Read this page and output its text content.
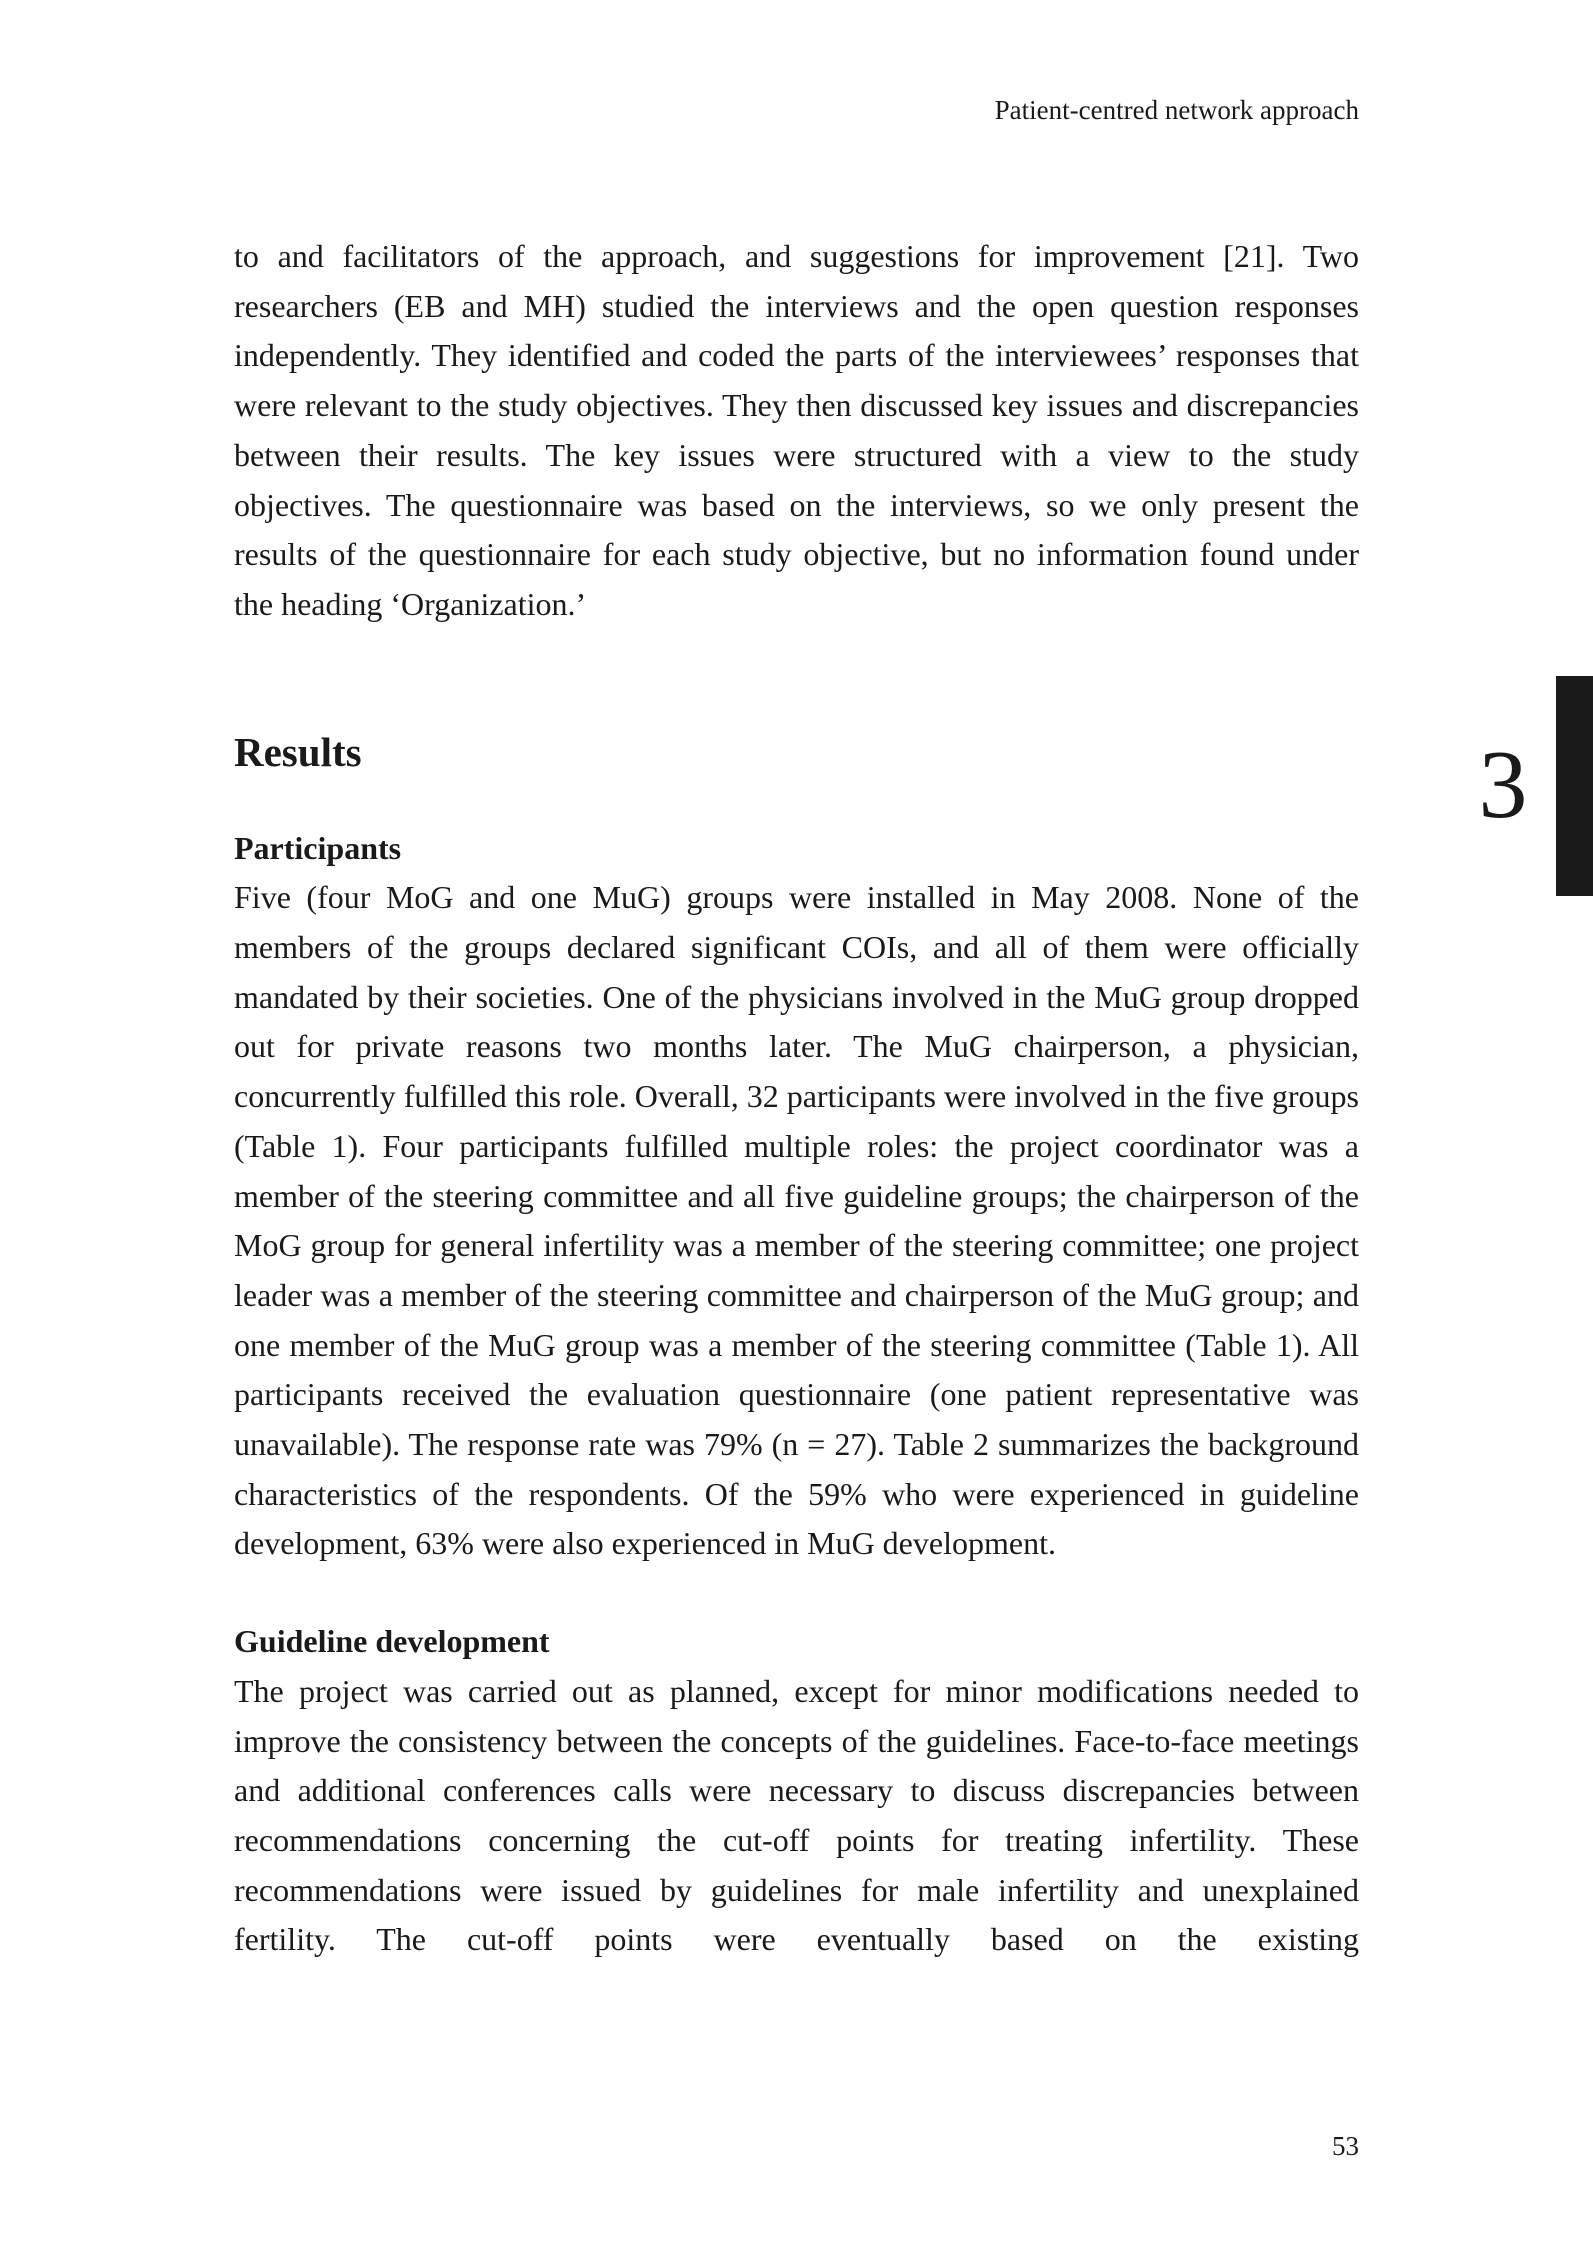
Patient-centred network approach
3

to and facilitators of the approach, and suggestions for improvement [21]. Two researchers (EB and MH) studied the interviews and the open question responses independently. They identified and coded the parts of the interviewees’ responses that were relevant to the study objectives. They then discussed key issues and discrepancies between their results. The key issues were structured with a view to the study objectives. The questionnaire was based on the interviews, so we only present the results of the questionnaire for each study objective, but no information found under the heading ‘Organization.’

Results
Participants

Five (four MoG and one MuG) groups were installed in May 2008. None of the members of the groups declared significant COIs, and all of them were officially mandated by their societies. One of the physicians involved in the MuG group dropped out for private reasons two months later. The MuG chairperson, a physician, concurrently fulfilled this role. Overall, 32 participants were involved in the five groups (Table 1). Four participants fulfilled multiple roles: the project coordinator was a member of the steering committee and all five guideline groups; the chairperson of the MoG group for general infertility was a member of the steering committee; one project leader was a member of the steering committee and chairperson of the MuG group; and one member of the MuG group was a member of the steering committee (Table 1). All participants received the evaluation questionnaire (one patient representative was unavailable). The response rate was 79% (n = 27). Table 2 summarizes the background characteristics of the respondents. Of the 59% who were experienced in guideline development, 63% were also experienced in MuG development.

Guideline development

The project was carried out as planned, except for minor modifications needed to improve the consistency between the concepts of the guidelines. Face-to-face meetings and additional conferences calls were necessary to discuss discrepancies between recommendations concerning the cut-off points for treating infertility. These recommendations were issued by guidelines for male infertility and unexplained fertility. The cut-off points were eventually based on the existing

53
